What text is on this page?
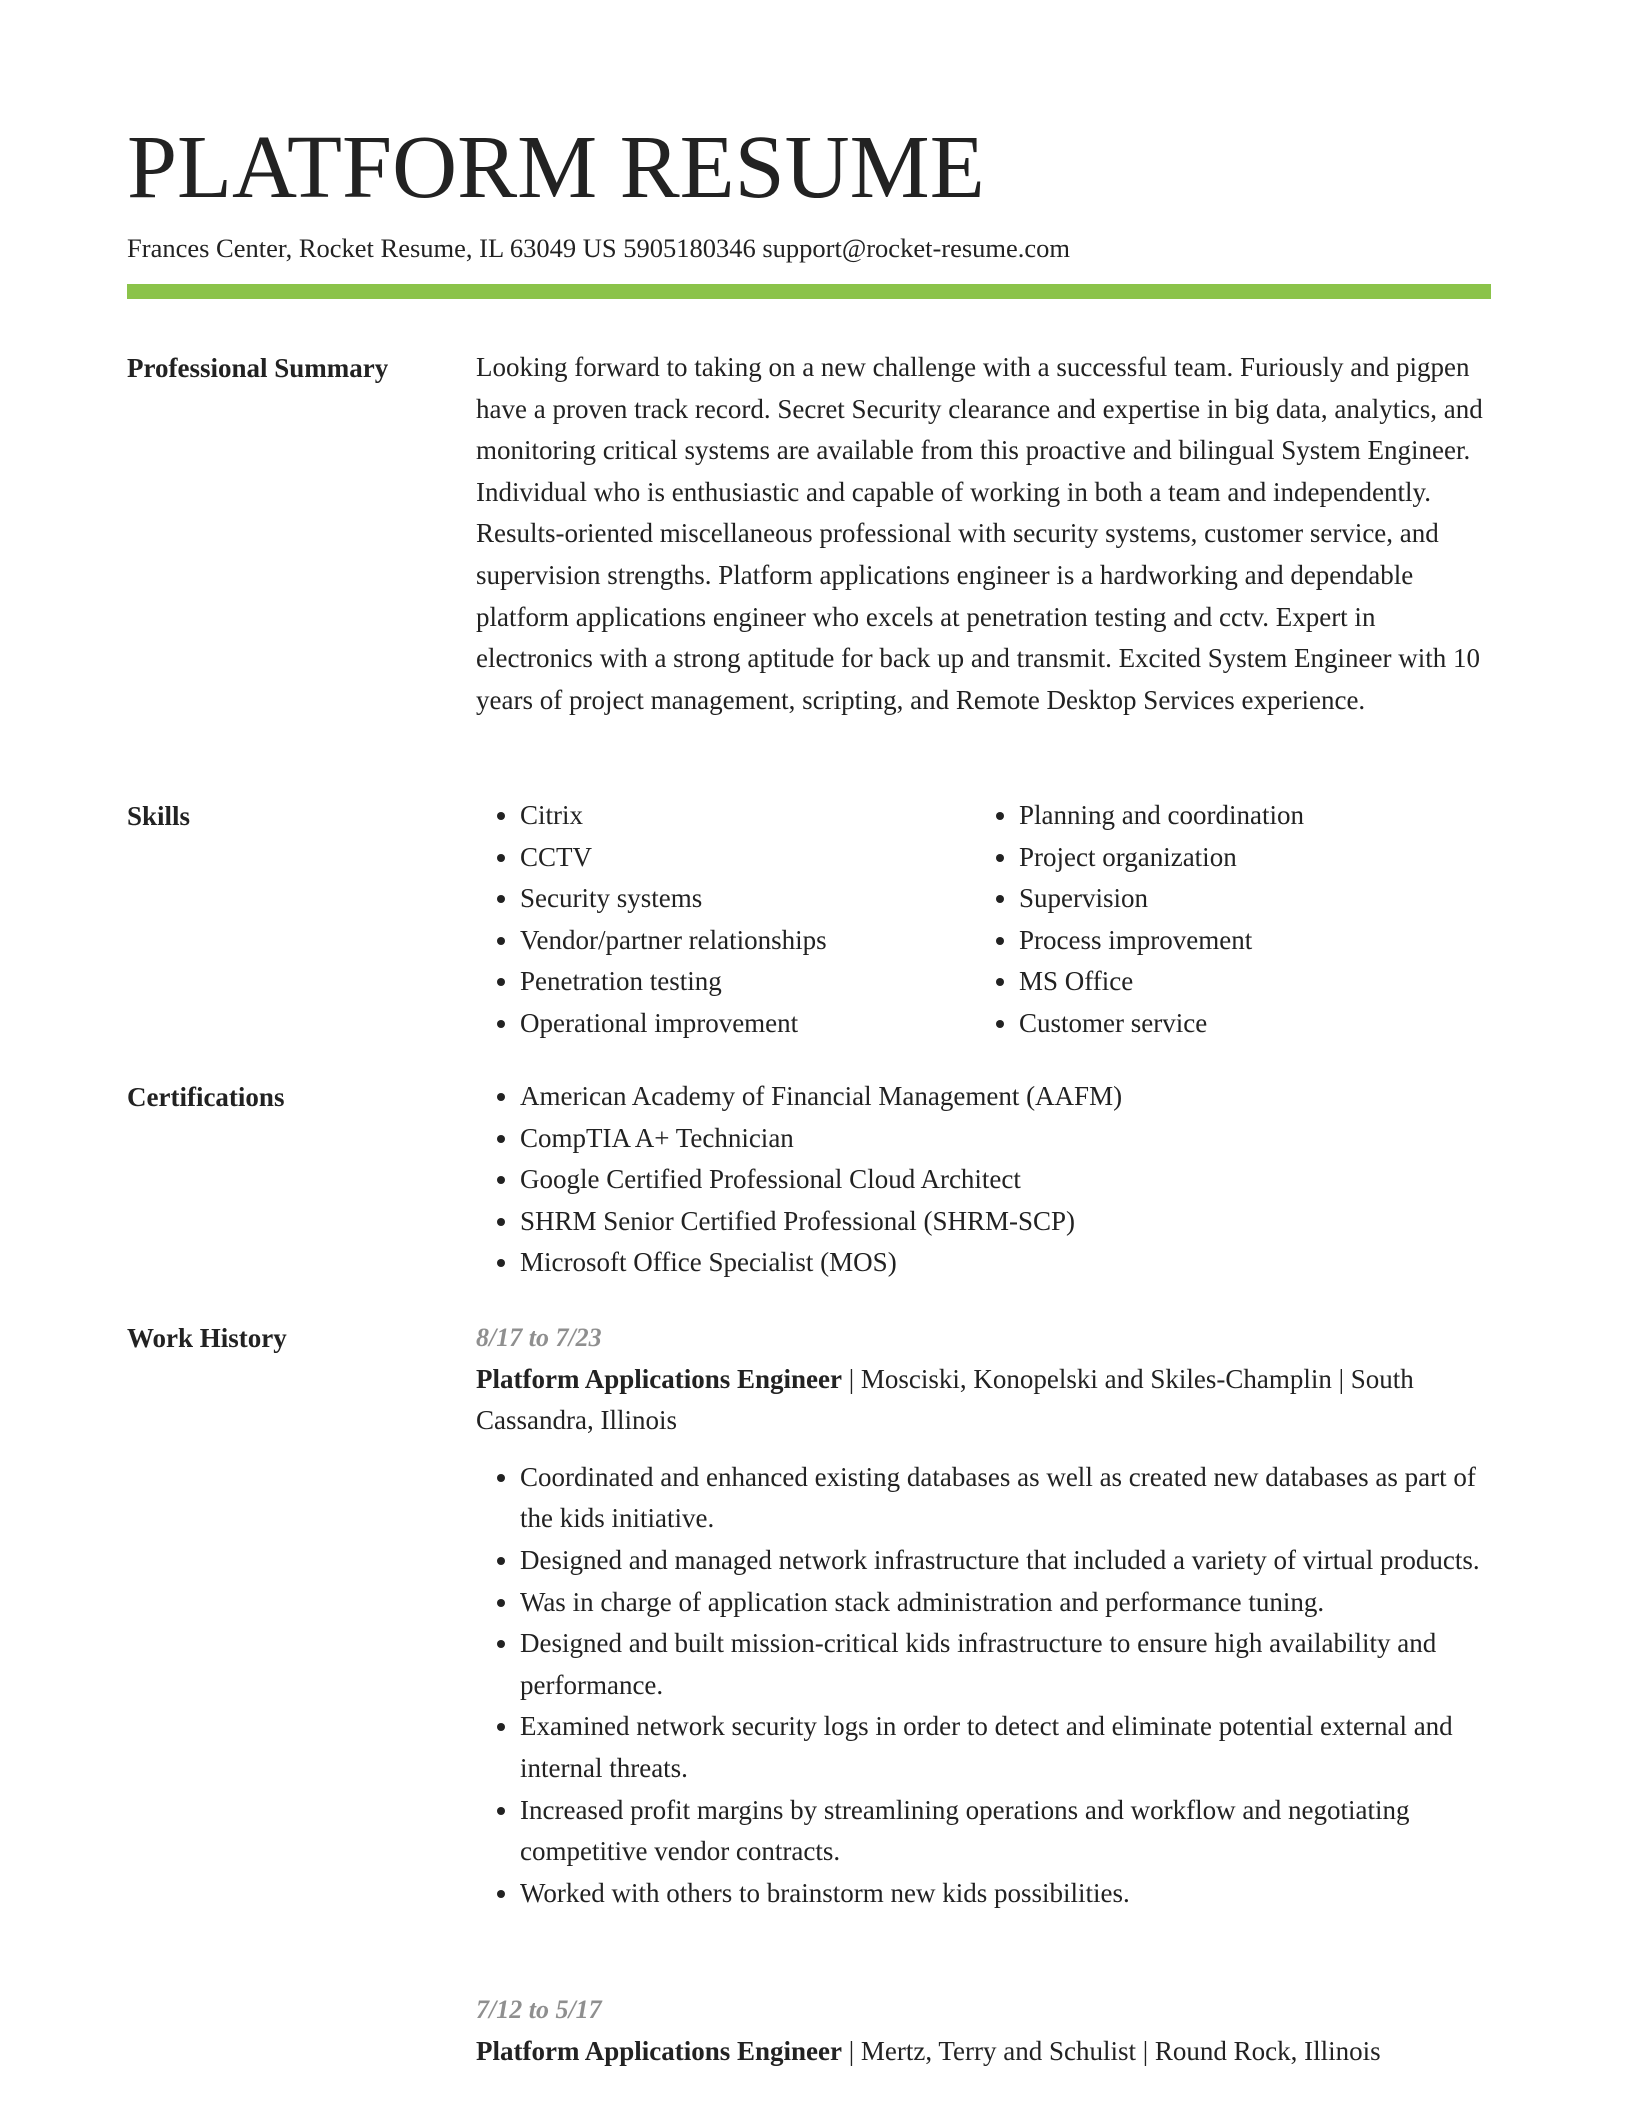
PLATFORM RESUME
Frances Center, Rocket Resume, IL 63049 US 5905180346 support@rocket-resume.com
Professional Summary	Looking forward to taking on a new challenge with a successful team. Furiously and pigpen have a proven track record. Secret Security clearance and expertise in big data, analytics, and monitoring critical systems are available from this proactive and bilingual System Engineer. Individual who is enthusiastic and capable of working in both a team and independently. Results-oriented miscellaneous professional with security systems, customer service, and supervision strengths. Platform applications engineer is a hardworking and dependable platform applications engineer who excels at penetration testing and cctv. Expert in electronics with a strong aptitude for back up and transmit. Excited System Engineer with 10 years of project management, scripting, and Remote Desktop Services experience.

Skills	• Citrix
• CCTV
• Security systems
• Vendor/partner relationships
• Penetration testing
• Operational improvement
• Planning and coordination
• Project organization
• Supervision
• Process improvement
• MS Office
• Customer service
Certifications	• American Academy of Financial Management (AAFM)
• CompTIA A+ Technician
• Google Certified Professional Cloud Architect
• SHRM Senior Certified Professional (SHRM-SCP)
• Microsoft Office Specialist (MOS)
Work History	8/17 to 7/23

Platform Applications Engineer | Mosciski, Konopelski and Skiles-Champlin | South Cassandra, Illinois

• Coordinated and enhanced existing databases as well as created new databases as part of the kids initiative.
• Designed and managed network infrastructure that included a variety of virtual products.
• Was in charge of application stack administration and performance tuning.
• Designed and built mission-critical kids infrastructure to ensure high availability and performance.
• Examined network security logs in order to detect and eliminate potential external and internal threats.
• Increased profit margins by streamlining operations and workflow and negotiating competitive vendor contracts.
• Worked with others to brainstorm new kids possibilities.
7/12 to 5/17

Platform Applications Engineer | Mertz, Terry and Schulist | Round Rock, Illinois
